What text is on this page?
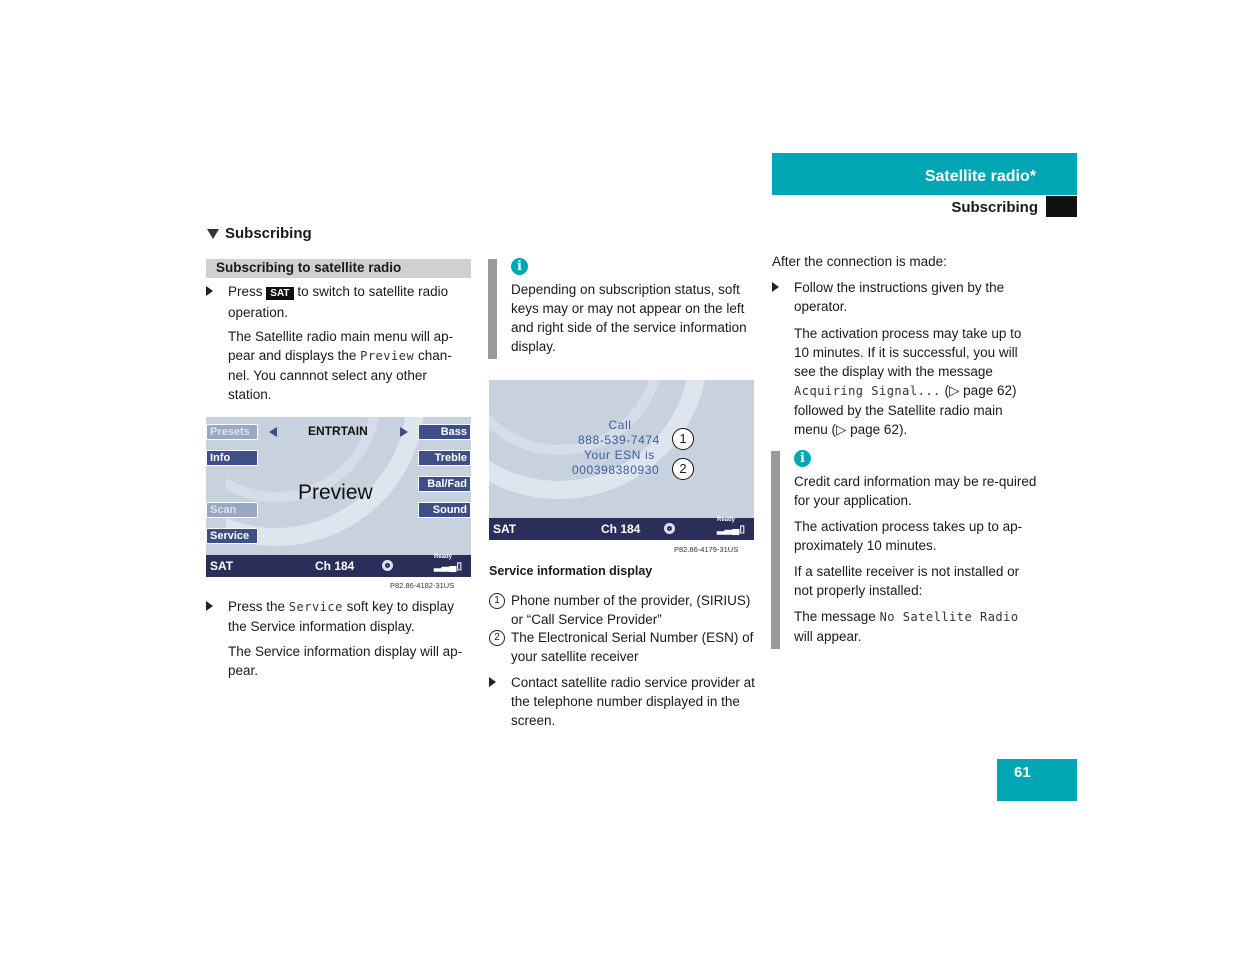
Satellite radio*
Subscribing
Subscribing
Subscribing to satellite radio
Press SAT to switch to satellite radio operation.
The Satellite radio main menu will ap-pear and displays the Preview chan-nel. You cannnot select any other station.
ENTRTAIN
Presets
Info
Scan
Service
Bass
Treble
Bal/Fad
Sound
Preview
SAT	Ch 184
Ready
▂▃▄▯
P82.86-4182-31US
Press the Service soft key to display the Service information display.
The Service information display will ap-pear.
i
Depending on subscription status, soft keys may or may not appear on the left and right side of the service information display.
Call
888-539-7474
Your ESN is
000398380930
1
2
SAT	Ch 184
Ready
▂▃▄▯
P82.86-4179-31US
Service information display
1 Phone number of the provider, (SIRIUS) or “Call Service Provider”
2 The Electronical Serial Number (ESN) of your satellite receiver
Contact satellite radio service provider at the telephone number displayed in the screen.
After the connection is made:
Follow the instructions given by the operator.
The activation process may take up to 10 minutes. If it is successful, you will see the display with the message Acquiring Signal... (▷ page 62) followed by the Satellite radio main menu (▷ page 62).
i
Credit card information may be re-quired for your application.
The activation process takes up to ap-proximately 10 minutes.
If a satellite receiver is not installed or not properly installed:
The message No Satellite Radio will appear.
61
